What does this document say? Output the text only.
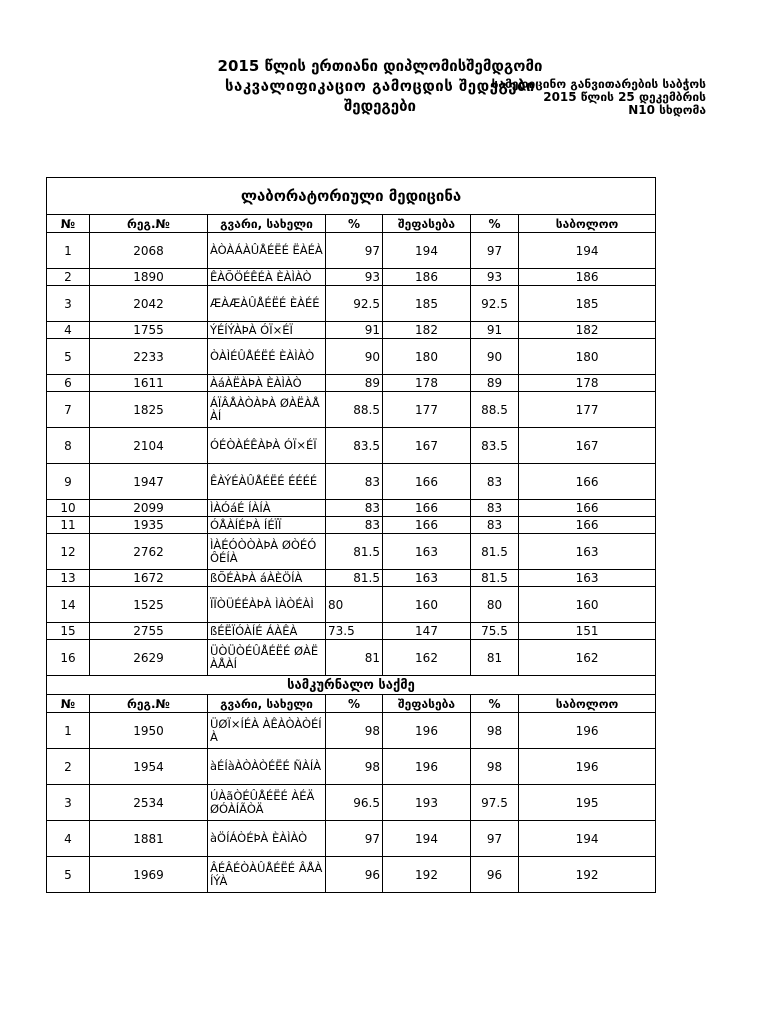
2015 წლის ერთიანი დიპლომისშემდგომი
საკვალიფიკაციო გამოცდის შედეგები
შედეგები
სამედიცინო განვითარების საბჭოს
2015 წლის 25 დეკემბრის
N10 სხდომა
ლაბორატორიული მედიცინა						
№	რეგ.№	გვარი, სახელი	%	შეფასება	%	საბოლოო
1	2068	ÀÒÀÁÀÛÅÉËÉ ËÀÉÀ	97	194	97	194
2	1890	ÊÀÕÖÉÊÉÀ ÈÀÌÀÒ	93	186	93	186
3	2042	ÆÀÆÀÛÅÉËÉ ÈÀÉÉ	92.5	185	92.5	185
4	1755	ÝÉÍÝÀÞÀ ÓÏ×ÉÏ	91	182	91	182
5	2233	ÒÀÌÉÛÅÉËÉ ÈÀÌÀÒ	90	180	90	180
6	1611	ÀáÀËÀÞÀ ÈÀÌÀÒ	89	178	89	178
7	1825	ÁÏÂÅÀÒÀÞÀ ØÀËÀÅÀÍ	88.5	177	88.5	177
8	2104	ÓÉÒÀÉÊÀÞÀ ÓÏ×ÉÏ	83.5	167	83.5	167
9	1947	ÊÀÝÉÀÛÅÉËÉ ÉÉÉÉ	83	166	83	166
10	2099	ÌÀÓáÉ ÍÀÍÀ	83	166	83	166
11	1935	ÓÅÀÍÉÞÀ ÍÉÏÏ	83	166	83	166
12	2762	ÌÀÉÓÒÒÀÞÀ ØÒÉÓÔÉÍÀ	81.5	163	81.5	163
13	1672	ßÕÉÀÞÀ áÀÈÖÍÀ	81.5	163	81.5	163
14	1525	ÏÏÒÜÉÉÀÞÀ ÌÀÒÉÀÌ	80	160	80	160
15	2755	ßÉËÏÓÀÍÉ ÁÀÊÀ	73.5	147	75.5	151
16	2629	ÜÒÜÒÉÛÅÉËÉ ØÀËÀÅÀÍ	81	162	81	162
სამკურნალო საქმე						
№	რეგ.№	გვარი, სახელი	%	შეფასება	%	საბოლოო
1	1950	ÜØÏ×ÍÉÀ ÀÊÀÒÀÒÉÍÀ	98	196	98	196
2	1954	àÉÍàÀÒÀÒÉËÉ ÑÀÍÀ	98	196	98	196
3	2534	ÚÀãÒÉÛÅÉËÉ ÀÉÄØÓÀÍÃÒÄ	96.5	193	97.5	195
4	1881	àÖÍÁÒÉÞÀ ÈÀÌÀÒ	97	194	97	194
5	1969	ÂÉÂÉÒÀÛÅÉËÉ ÂÅÀÍÝÀ	96	192	96	192
